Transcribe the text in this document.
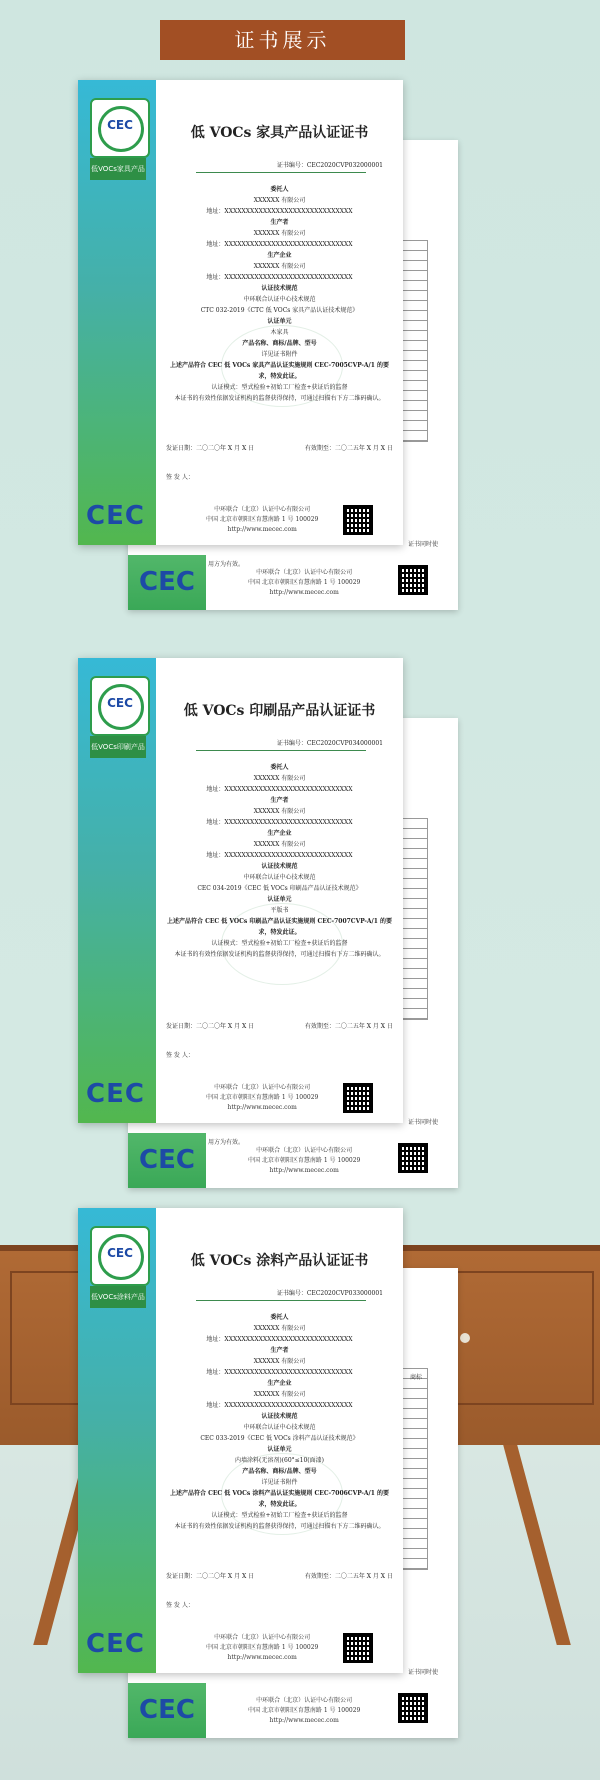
证书展示
CEC
用方为有效。
证书同时使
中环联合（北京）认证中心有限公司
中国 北京市朝阳区育慧南路 1 号 100029
http://www.mecec.com
CEC
低VOCs家具产品
CEC
低 VOCs 家具产品认证证书
证书编号：CEC2020CVP032000001
委托人
XXXXXX 有限公司
地址：XXXXXXXXXXXXXXXXXXXXXXXXXXXXXX
生产者
XXXXXX 有限公司
地址：XXXXXXXXXXXXXXXXXXXXXXXXXXXXXX
生产企业
XXXXXX 有限公司
地址：XXXXXXXXXXXXXXXXXXXXXXXXXXXXXX
认证技术规范
中环联合认证中心技术规范
CTC 032-2019《CTC 低 VOCs 家具产品认证技术规范》
认证单元
木家具
产品名称、商标/品牌、型号
详见证书附件
上述产品符合 CEC 低 VOCs 家具产品认证实施规则 CEC-7005CVP-A/1 的要求，特发此证。
认证模式：型式检验+初始工厂检查+获证后的监督
本证书的有效性依据发证机构的监督获得保持，可通过扫描右下方二维码确认。
发证日期：二〇二〇年 X 月 X 日	有效期至：二〇二五年 X 月 X 日
签 发 人：
中环联合（北京）认证中心有限公司
中国 北京市朝阳区育慧南路 1 号 100029
http://www.mecec.com
CEC
用方为有效。
证书同时使
中环联合（北京）认证中心有限公司
中国 北京市朝阳区育慧南路 1 号 100029
http://www.mecec.com
CEC
低VOCs印刷产品
CEC
低 VOCs 印刷品产品认证证书
证书编号：CEC2020CVP034000001
委托人
XXXXXX 有限公司
地址：XXXXXXXXXXXXXXXXXXXXXXXXXXXXXX
生产者
XXXXXX 有限公司
地址：XXXXXXXXXXXXXXXXXXXXXXXXXXXXXX
生产企业
XXXXXX 有限公司
地址：XXXXXXXXXXXXXXXXXXXXXXXXXXXXXX
认证技术规范
中环联合认证中心技术规范
CEC 034-2019《CEC 低 VOCs 印刷品产品认证技术规范》
认证单元
平版书
上述产品符合 CEC 低 VOCs 印刷品产品认证实施规则 CEC-7007CVP-A/1 的要求，特发此证。
认证模式：型式检验+初始工厂检查+获证后的监督
本证书的有效性依据发证机构的监督获得保持，可通过扫描右下方二维码确认。
发证日期：二〇二〇年 X 月 X 日	有效期至：二〇二五年 X 月 X 日
签 发 人：
中环联合（北京）认证中心有限公司
中国 北京市朝阳区育慧南路 1 号 100029
http://www.mecec.com
商标
CEC
证书同时使
中环联合（北京）认证中心有限公司
中国 北京市朝阳区育慧南路 1 号 100029
http://www.mecec.com
CEC
低VOCs涂料产品
CEC
低 VOCs 涂料产品认证证书
证书编号：CEC2020CVP033000001
委托人
XXXXXX 有限公司
地址：XXXXXXXXXXXXXXXXXXXXXXXXXXXXXX
生产者
XXXXXX 有限公司
地址：XXXXXXXXXXXXXXXXXXXXXXXXXXXXXX
生产企业
XXXXXX 有限公司
地址：XXXXXXXXXXXXXXXXXXXXXXXXXXXXXX
认证技术规范
中环联合认证中心技术规范
CEC 033-2019《CEC 低 VOCs 涂料产品认证技术规范》
认证单元
内墙涂料(无溶剂)(60°≤10(面漆)
产品名称、商标/品牌、型号
详见证书附件
上述产品符合 CEC 低 VOCs 涂料产品认证实施规则 CEC-7006CVP-A/1 的要求，特发此证。
认证模式：型式检验+初始工厂检查+获证后的监督
本证书的有效性依据发证机构的监督获得保持，可通过扫描右下方二维码确认。
发证日期：二〇二〇年 X 月 X 日	有效期至：二〇二五年 X 月 X 日
签 发 人：
中环联合（北京）认证中心有限公司
中国 北京市朝阳区育慧南路 1 号 100029
http://www.mecec.com
